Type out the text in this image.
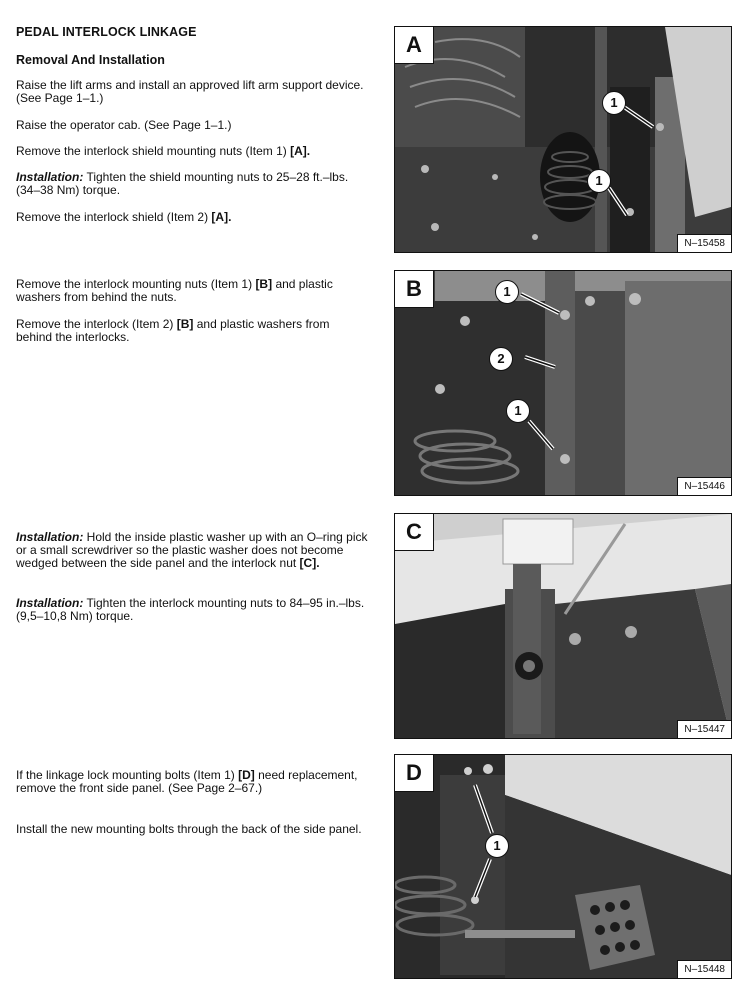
PEDAL INTERLOCK LINKAGE
Removal And Installation

Raise the lift arms and install an approved lift arm support device. (See Page 1–1.)

Raise the operator cab. (See Page 1–1.)

Remove the interlock shield mounting nuts (Item 1) [A].

Installation: Tighten the shield mounting nuts to 25–28 ft.–lbs. (34–38 Nm) torque.

Remove the interlock shield (Item 2) [A].

Remove the interlock mounting nuts (Item 1) [B] and plastic washers from behind the nuts.

Remove the interlock (Item 2) [B] and plastic washers from behind the interlocks.

Installation: Hold the inside plastic washer up with an O–ring pick or a small screwdriver so the plastic washer does not become wedged between the side panel and the interlock nut [C].

Installation: Tighten the interlock mounting nuts to 84–95 in.–lbs. (9,5–10,8 Nm) torque.

If the linkage lock mounting bolts (Item 1) [D] need replacement, remove the front side panel. (See Page 2–67.)

Install the new mounting bolts through the back of the side panel.

A
1
1
N–15458
B	1
2
1
N–15446
C
N–15447
D
1
N–15448
